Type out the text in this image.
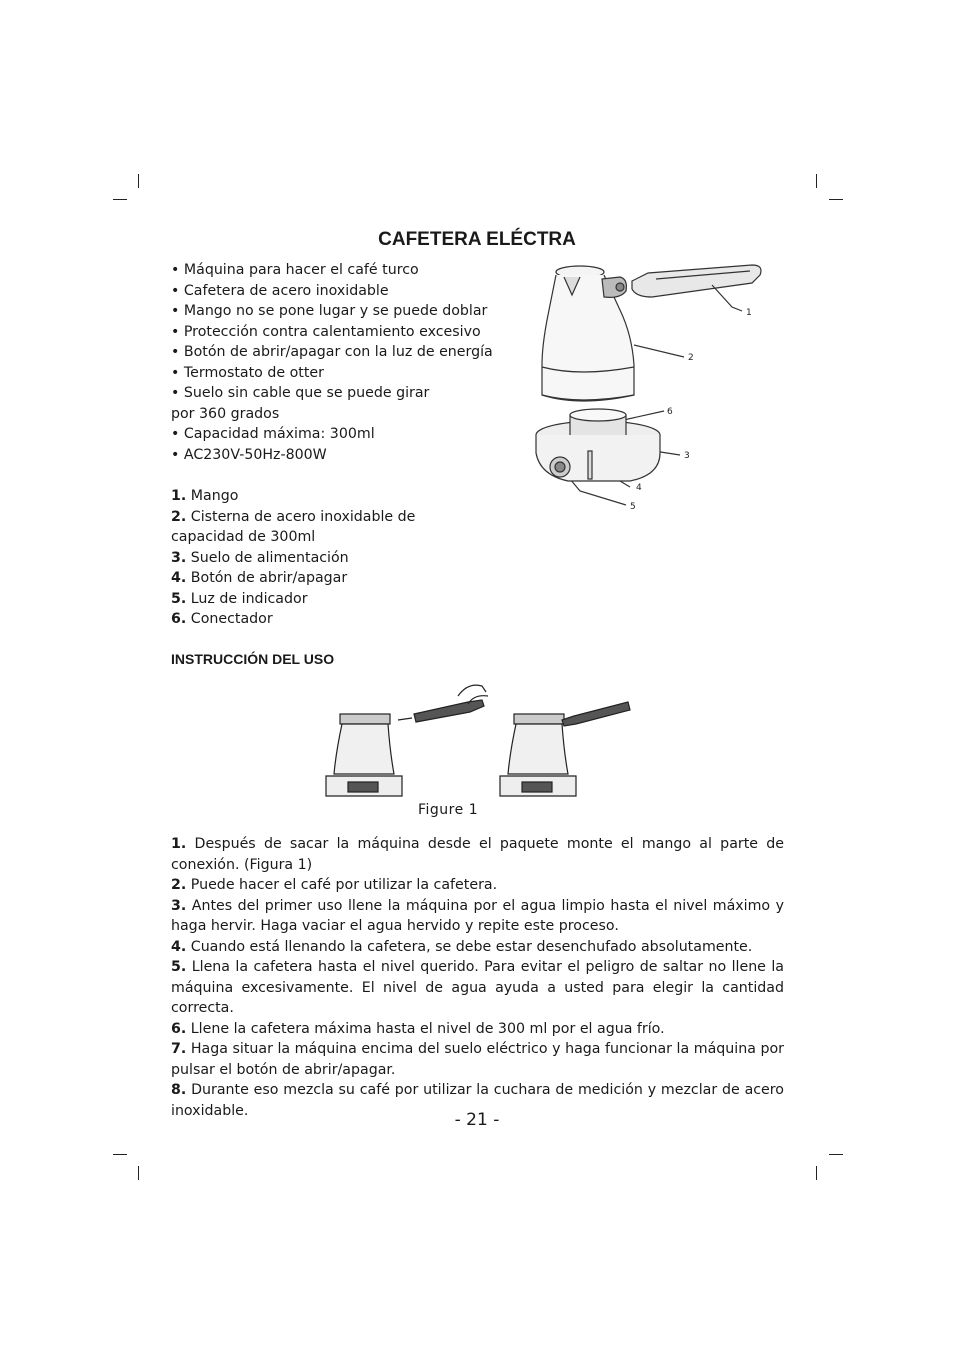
CAFETERA ELÉCTRA
• Máquina para hacer el café turco
• Cafetera de acero inoxidable
• Mango no se pone lugar y se puede doblar
• Protección contra calentamiento excesivo
• Botón de abrir/apagar con la luz de energía
• Termostato de otter
• Suelo sin cable que se puede girar
por 360 grados
• Capacidad máxima: 300ml
• AC230V-50Hz-800W
1. Mango
2. Cisterna de acero inoxidable de
capacidad de 300ml
3. Suelo de alimentación
4. Botón de abrir/apagar
5. Luz de indicador
6. Conectador
1
2
3
4
5
6
INSTRUCCIÓN DEL USO
Figure 1
1. Después de sacar la máquina desde el paquete monte el mango al parte de conexión. (Figura 1)
2. Puede hacer el café por utilizar la cafetera.
3. Antes del primer uso llene la máquina por el agua limpio hasta el nivel máximo y haga hervir. Haga vaciar el agua hervido y repite este proceso.
4. Cuando está llenando la cafetera, se debe estar desenchufado absolutamente.
5. Llena la cafetera hasta el nivel querido. Para evitar el peligro de saltar no llene la máquina excesivamente. El nivel de agua ayuda a usted para elegir la cantidad correcta.
6. Llene la cafetera máxima hasta el nivel de 300 ml por el agua frío.
7. Haga situar la máquina encima del suelo eléctrico y haga funcionar la máquina por pulsar el botón de abrir/apagar.
8. Durante eso mezcla su café por utilizar la cuchara de medición y mezclar de acero inoxidable.	- 21 -
